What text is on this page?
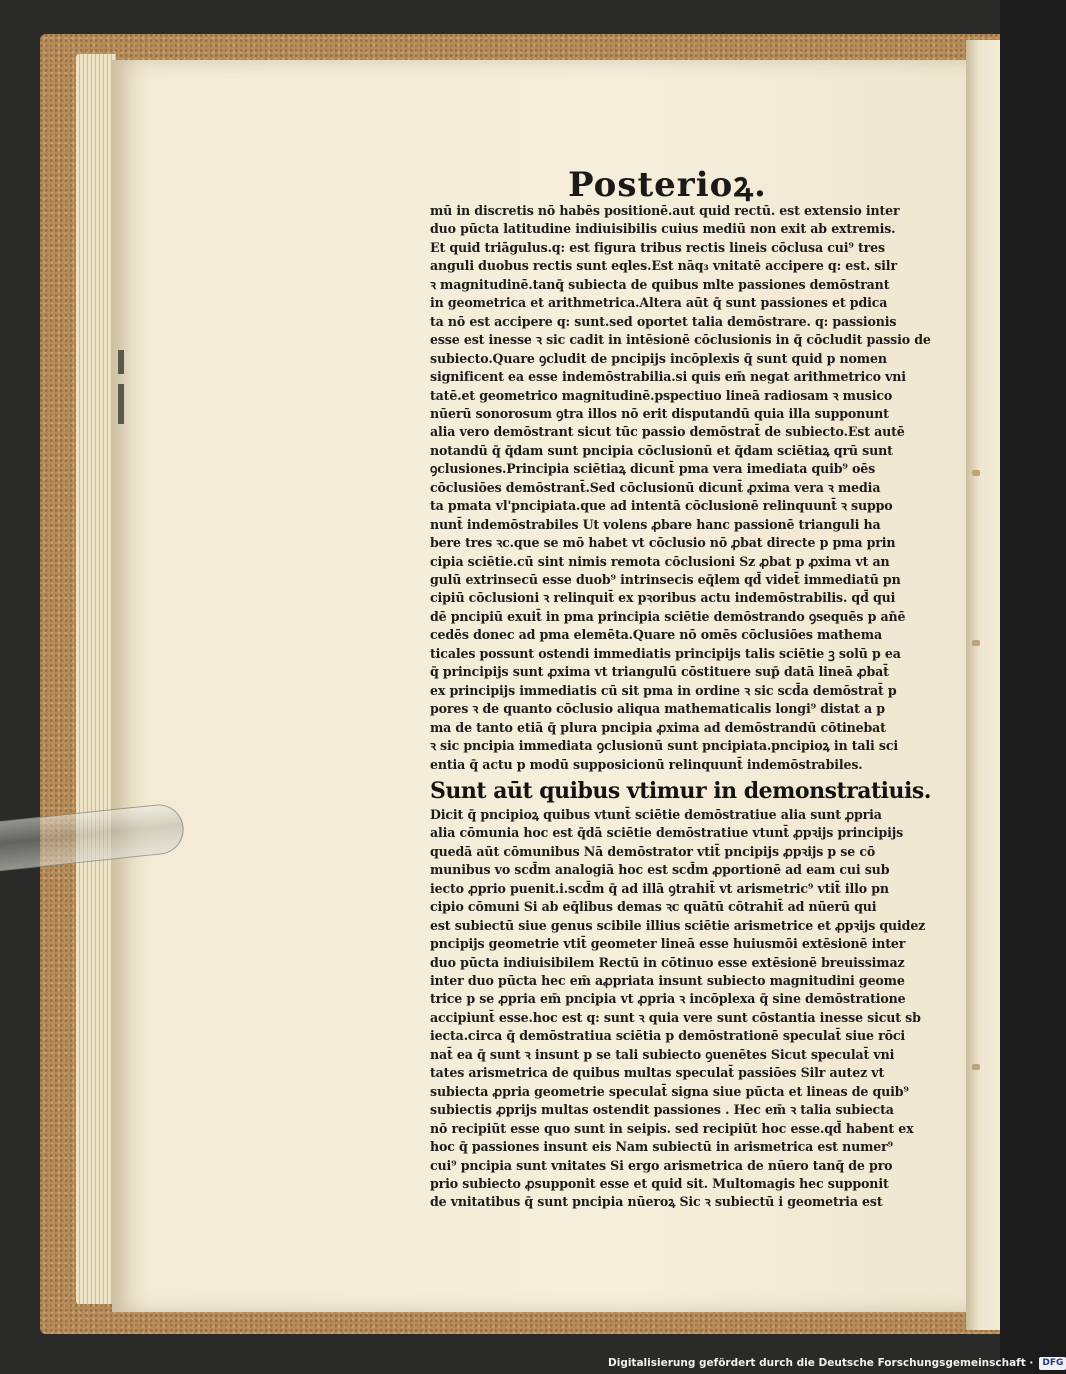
Posterioꝝ.
mū in discretis nō habēs positionē.aut quid rectū. est extensio inter
duo pūcta latitudine indiuisibilis cuius mediū non exit ab extremis.
Et quid triāgulus.q: est figura tribus rectis lineis cōclusa cui⁹ tres
anguli duobus rectis sunt eqles.Est nāq₃ vnitatē accipere q: est. silr
ꝛ magnitudinē.tanq̄ subiecta de quibus mlte passiones demōstrant
in geometrica et arithmetrica.Altera aūt q̄ sunt passiones et pdica
ta nō est accipere q: sunt.sed oportet talia demōstrare. q: passionis
esse est inesse ꝛ sic cadit in intēsionē cōclusionis in q̄ cōcludit passio de
subiecto.Quare ꝯcludit de pncipijs incōplexis q̄ sunt quid p nomen
significent ea esse indemōstrabilia.si quis em̄ negat arithmetrico vni
tatē.et geometrico magnitudinē.pspectiuo lineā radiosam ꝛ musico
nūerū sonorosum ꝯtra illos nō erit disputandū quia illa supponunt
alia vero demōstrant sicut tūc passio demōstrat̄ de subiecto.Est autē
notandū q̄ q̄dam sunt pncipia cōclusionū et q̄dam sciētiaꝝ qrū sunt
ꝯclusiones.Principia sciētiaꝝ dicunt̄ pma vera imediata quib⁹ oēs
cōclusiōes demōstrant̄.Sed cōclusionū dicunt̄ ꝓxima vera ꝛ media
ta pmata vl'pncipiata.que ad intentā cōclusionē relinquunt̄ ꝛ suppo
nunt̄ indemōstrabiles Ut volens ꝓbare hanc passionē trianguli ha
bere tres ꝛc.que se mō habet vt cōclusio nō ꝓbat directe p pma prin
cipia sciētie.cū sint nimis remota cōclusioni Sz ꝓbat p ꝓxima vt an
gulū extrinsecū esse duob⁹ intrinsecis eq̄lem qd̄ videt̄ immediatū pn
cipiū cōclusioni ꝛ relinquit̄ ex pꝛoribus actu indemōstrabilis. qd̄ qui
dē pncipiū exuit̄ in pma principia sciētie demōstrando ꝯsequēs p an̄ē
cedēs donec ad pma elemēta.Quare nō omēs cōclusiōes mathema
ticales possunt ostendi immediatis principijs talis sciētie ꝫ solū p ea
q̄ principijs sunt ꝓxima vt triangulū cōstituere sup̄ datā lineā ꝓbat̄
ex principijs immediatis cū sit pma in ordine ꝛ sic scd̄a demōstrat̄ p
pores ꝛ de quanto cōclusio aliqua mathematicalis longi⁹ distat a p
ma de tanto etiā q̄ plura pncipia ꝓxima ad demōstrandū cōtinebat
ꝛ sic pncipia immediata ꝯclusionū sunt pncipiata.pncipioꝝ in tali sci
entia q̄ actu p modū supposicionū relinquunt̄ indemōstrabiles.
Sunt aūt quibus vtimur in demonstratiuis.
Dicit q̄ pncipioꝝ quibus vtunt̄ sciētie demōstratiue alia sunt ꝓpria
alia cōmunia hoc est q̄dā sciētie demōstratiue vtunt̄ ꝓpꝛijs principijs
quedā aūt cōmunibus Nā demōstrator vtit̄ pncipijs ꝓpꝛijs p se cō
munibus vo scd̄m analogiā hoc est scd̄m ꝓportionē ad eam cui sub
iecto ꝓprio puenit.i.scd̄m q̄ ad illā ꝯtrahit̄ vt arismetric⁹ vtit̄ illo pn
cipio cōmuni Si ab eq̄libus demas ꝛc quātū cōtrahit̄ ad nūerū qui
est subiectū siue genus scibile illius sciētie arismetrice et ꝓpꝛijs quidez
pncipijs geometrie vtit̄ geometer lineā esse huiusmōi extēsionē inter
duo pūcta indiuisibilem Rectū in cōtinuo esse extēsionē breuissimaz
inter duo pūcta hec em̄ aꝓpriata insunt subiecto magnitudini geome
trice p se ꝓpria em̄ pncipia vt ꝓpria ꝛ incōplexa q̄ sine demōstratione
accipiunt̄ esse.hoc est q: sunt ꝛ quia vere sunt cōstantia inesse sicut sb
iecta.circa q̄ demōstratiua sciētia p demōstrationē speculat̄ siue rōci
nat̄ ea q̄ sunt ꝛ insunt p se tali subiecto ꝯuenētes Sicut speculat̄ vni
tates arismetrica de quibus multas speculat̄ passiōes Silr autez vt
subiecta ꝓpria geometrie speculat̄ signa siue pūcta et lineas de quib⁹
subiectis ꝓprijs multas ostendit passiones . Hec em̄ ꝛ talia subiecta
nō recipiūt esse quo sunt in seipis. sed recipiūt hoc esse.qd̄ habent ex
hoc q̄ passiones insunt eis Nam subiectū in arismetrica est numer⁹
cui⁹ pncipia sunt vnitates Si ergo arismetrica de nūero tanq̄ de pro
prio subiecto ꝓsupponit esse et quid sit. Multomagis hec supponit
de vnitatibus q̄ sunt pncipia nūeroꝝ Sic ꝛ subiectū i geometria est
Digitalisierung gefördert durch die Deutsche Forschungsgemeinschaft ·	DFG
